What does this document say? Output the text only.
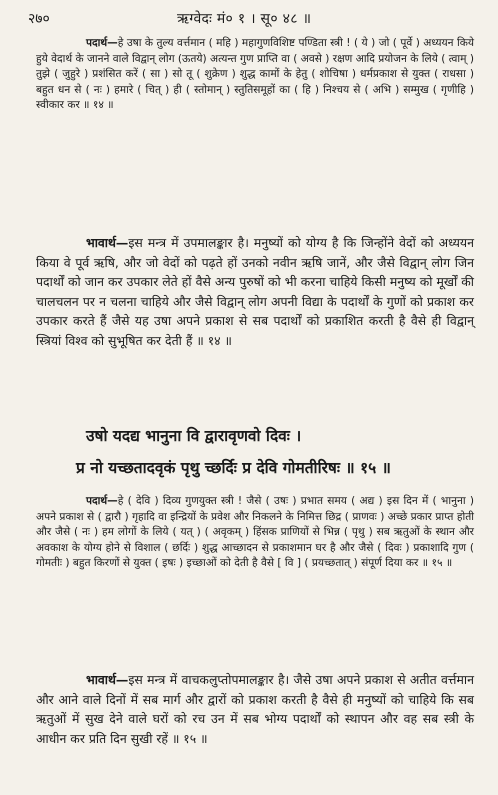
२७०	ऋग्वेदः मं० १ । सू० ४८ ॥
पदार्थ—हे उषा के तुल्य वर्त्तमान ( महि ) महागुणविशिष्ट पण्डिता स्त्री ! ( ये ) जो ( पूर्वे ) अध्ययन किये हुये वेदार्थ के जानने वाले विद्वान् लोग (ऊतये) अत्यन्त गुण प्राप्ति वा ( अवसे ) रक्षण आदि प्रयोजन के लिये ( त्वाम् ) तुझे ( जुहुरे ) प्रशंसित करें ( सा ) सो तू ( शुक्रेण ) शुद्ध कामों के हेतु ( शोचिषा ) धर्मप्रकाश से युक्त ( राधसा ) बहुत धन से ( नः ) हमारे ( चित् ) ही ( स्तोमान् ) स्तुतिसमूहों का ( हि ) निश्चय से ( अभि ) सम्मुख ( गृणीहि ) स्वीकार कर ॥ १४ ॥
भावार्थ—इस मन्त्र में उपमालङ्कार है। मनुष्यों को योग्य है कि जिन्होंने वेदों को अध्ययन किया वे पूर्व ऋषि, और जो वेदों को पढ़ते हों उनको नवीन ऋषि जानें, और जैसे विद्वान् लोग जिन पदार्थों को जान कर उपकार लेते हों वैसे अन्य पुरुषों को भी करना चाहिये किसी मनुष्य को मूर्खों की चालचलन पर न चलना चाहिये और जैसे विद्वान् लोग अपनी विद्या के पदार्थों के गुणों को प्रकाश कर उपकार करते हैं जैसे यह उषा अपने प्रकाश से सब पदार्थों को प्रकाशित करती है वैसे ही विद्वान् स्त्रियां विश्व को सुभूषित कर देती हैं ॥ १४ ॥
उषो यदद्य भानुना वि द्वारावृणवो दिवः ।
प्र नो यच्छतादवृकं पृथु च्छर्दिः प्र देवि गोमतीरिषः ॥ १५ ॥
पदार्थ—हे ( देवि ) दिव्य गुणयुक्त स्त्री ! जैसे ( उषः ) प्रभात समय ( अद्य ) इस दिन में ( भानुना ) अपने प्रकाश से ( द्वारौ ) गृहादि वा इन्द्रियों के प्रवेश और निकलने के निमित्त छिद्र ( प्राणवः ) अच्छे प्रकार प्राप्त होती और जैसे ( नः ) हम लोगों के लिये ( यत् ) ( अवृकम् ) हिंसक प्राणियों से भिन्न ( पृथु ) सब ऋतुओं के स्थान और अवकाश के योग्य होने से विशाल ( छर्दिः ) शुद्ध आच्छादन से प्रकाशमान घर है और जैसे ( दिवः ) प्रकाशादि गुण ( गोमतीः ) बहुत किरणों से युक्त ( इषः ) इच्छाओं को देती है वैसे [ वि ] ( प्रयच्छतात् ) संपूर्ण दिया कर ॥ १५ ॥
भावार्थ—इस मन्त्र में वाचकलुप्तोपमालङ्कार है। जैसे उषा अपने प्रकाश से अतीत वर्त्तमान और आने वाले दिनों में सब मार्ग और द्वारों को प्रकाश करती है वैसे ही मनुष्यों को चाहिये कि सब ऋतुओं में सुख देने वाले घरों को रच उन में सब भोग्य पदार्थों को स्थापन और वह सब स्त्री के आधीन कर प्रति दिन सुखी रहें ॥ १५ ॥
